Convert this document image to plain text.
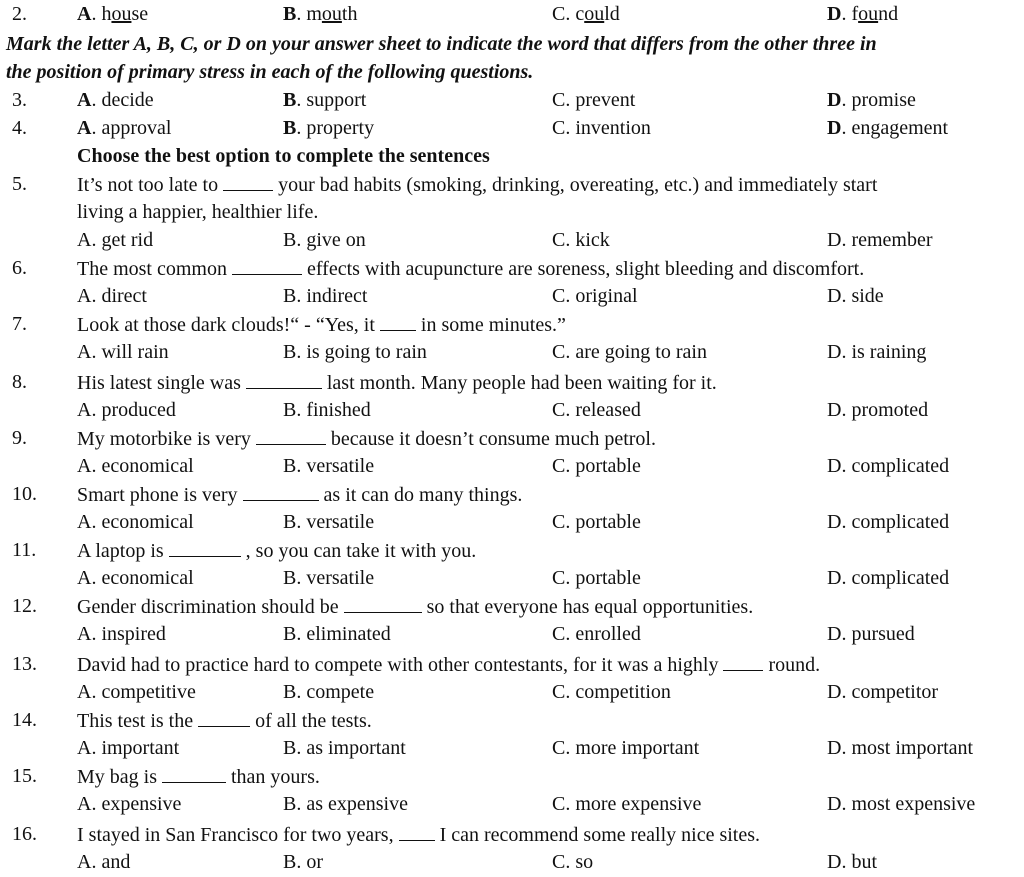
2.	A. house	B. mouth	C. could	D. found
Mark the letter A, B, C, or D on your answer sheet to indicate the word that differs from the other three in
the position of primary stress in each of the following questions.
3.	A. decide	B. support	C. prevent	D. promise
4.	A. approval	B. property	C. invention	D. engagement
Choose the best option to complete the sentences
5.	It’s not too late to	your bad habits (smoking, drinking, overeating, etc.) and immediately start
living a happier, healthier life.
A. get rid	B. give on	C. kick	D. remember
6.	The most common	effects with acupuncture are soreness, slight bleeding and discomfort.
A. direct	B. indirect	C. original	D. side
7.	Look at those dark clouds!“ - “Yes, it in some minutes.”
A. will rain	B. is going to rain	C. are going to rain	D. is raining
8.	His latest single was	last month. Many people had been waiting for it.
A. produced	B. finished	C. released	D. promoted
9.	My motorbike is very	because it doesn’t consume much petrol.
A. economical	B. versatile	C. portable	D. complicated
10.	Smart phone is very	as it can do many things.
A. economical	B. versatile	C. portable	D. complicated
11.	A laptop is	, so you can take it with you.
A. economical	B. versatile	C. portable	D. complicated
12.	Gender discrimination should be	so that everyone has equal opportunities.
A. inspired	B. eliminated	C. enrolled	D. pursued
13.	David had to practice hard to compete with other contestants, for it was a highly	round.
A. competitive	B. compete	C. competition	D. competitor
14.	This test is the	of all the tests.
A. important	B. as important	C. more important	D. most important
15.	My bag is	than yours.
A. expensive	B. as expensive	C. more expensive	D. most expensive
16.	I stayed in San Francisco for two years, I can recommend some really nice sites.
A. and	B. or	C. so	D. but
